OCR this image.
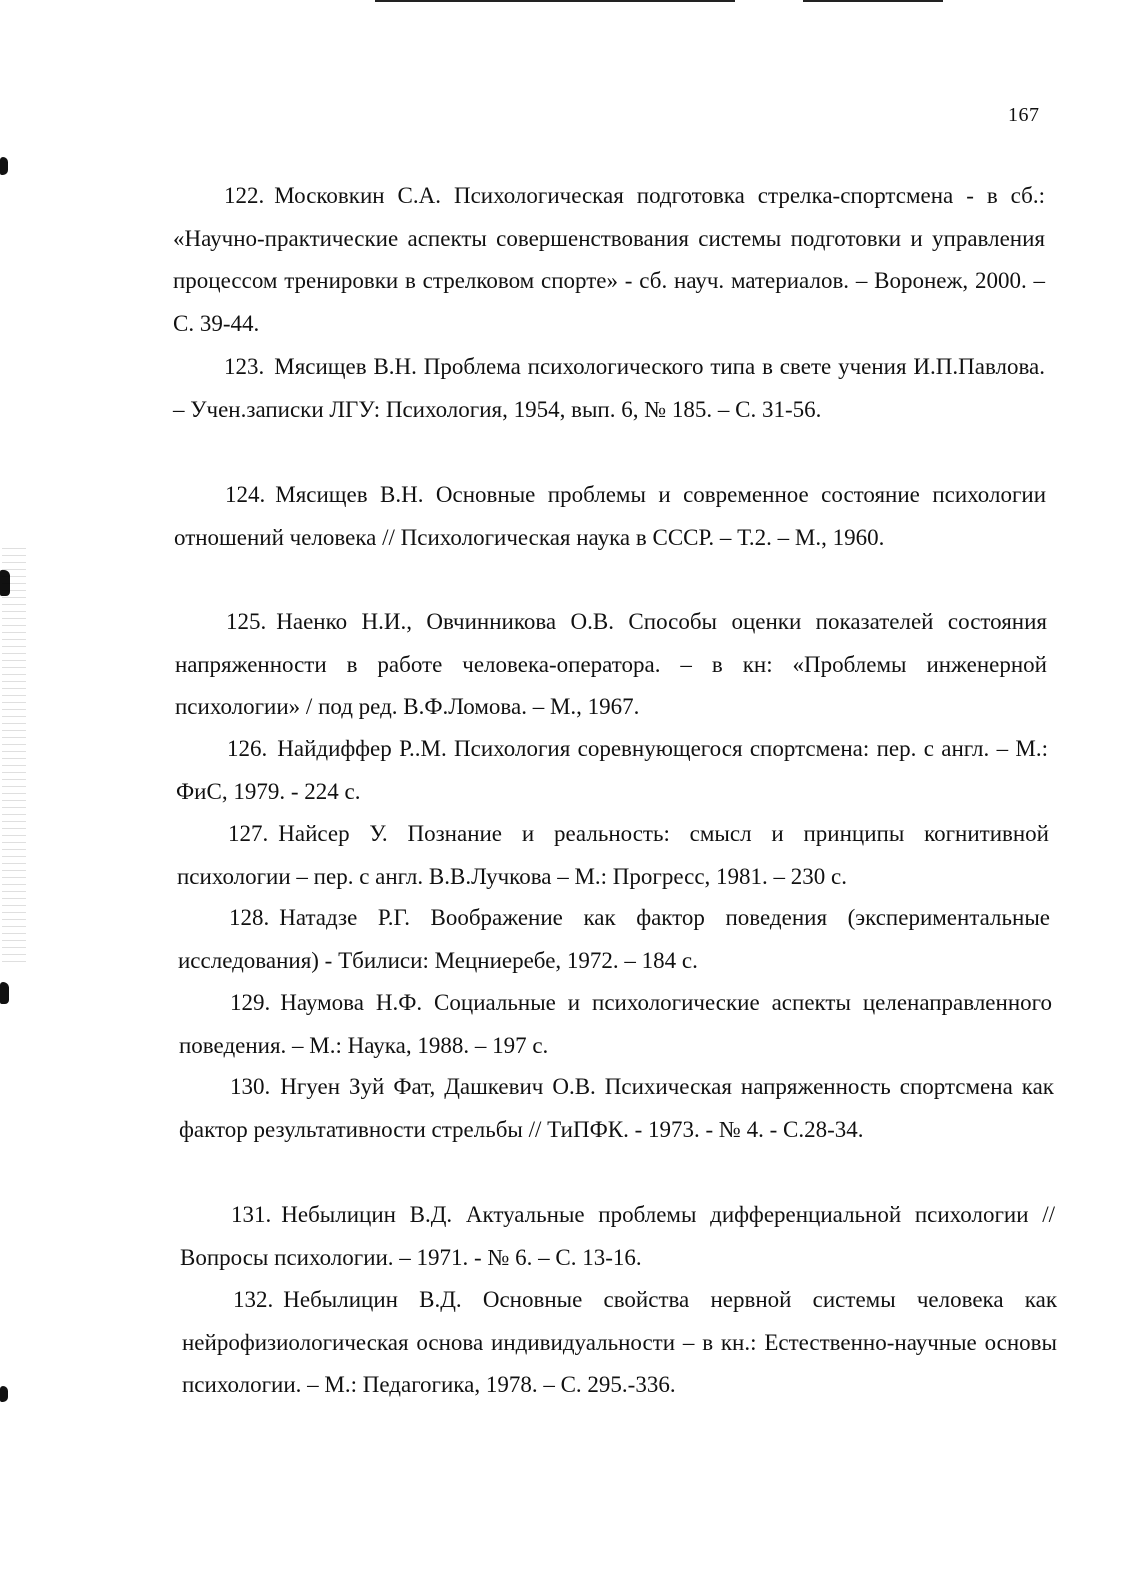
167

122. Московкин С.А. Психологическая подготовка стрелка-спортсмена - в сб.: «Научно-практические аспекты совершенствования системы подготовки и управления процессом тренировки в стрелковом спорте» - сб. науч. материалов. – Воронеж, 2000. – С. 39-44.

123. Мясищев В.Н. Проблема психологического типа в свете учения И.П.Павлова. – Учен.записки ЛГУ: Психология, 1954, вып. 6, № 185. – С. 31-56.

124. Мясищев В.Н. Основные проблемы и современное состояние психологии отношений человека // Психологическая наука в СССР. – Т.2. – М., 1960.

125. Наенко Н.И., Овчинникова О.В. Способы оценки показателей состояния напряженности в работе человека-оператора. – в кн: «Проблемы инженерной психологии» / под ред. В.Ф.Ломова. – М., 1967.

126. Найдиффер Р..М. Психология соревнующегося спортсмена: пер. с англ. – М.: ФиС, 1979. - 224 с.

127. Найсер У. Познание и реальность: смысл и принципы когнитивной психологии – пер. с англ. В.В.Лучкова – М.: Прогресс, 1981. – 230 с.

128. Натадзе Р.Г. Воображение как фактор поведения (экспериментальные исследования) - Тбилиси: Мецниеребе, 1972. – 184 с.

129. Наумова Н.Ф. Социальные и психологические аспекты целенаправленного поведения. – М.: Наука, 1988. – 197 с.

130. Нгуен Зуй Фат, Дашкевич О.В. Психическая напряженность спортсмена как фактор результативности стрельбы // ТиПФК. - 1973. - № 4. - С.28-34.

131. Небылицин В.Д. Актуальные проблемы дифференциальной психологии // Вопросы психологии. – 1971. - № 6. – С. 13-16.

132. Небылицин В.Д. Основные свойства нервной системы человека как нейрофизиологическая основа индивидуальности – в кн.: Естественно-научные основы психологии. – М.: Педагогика, 1978. – С. 295.-336.
